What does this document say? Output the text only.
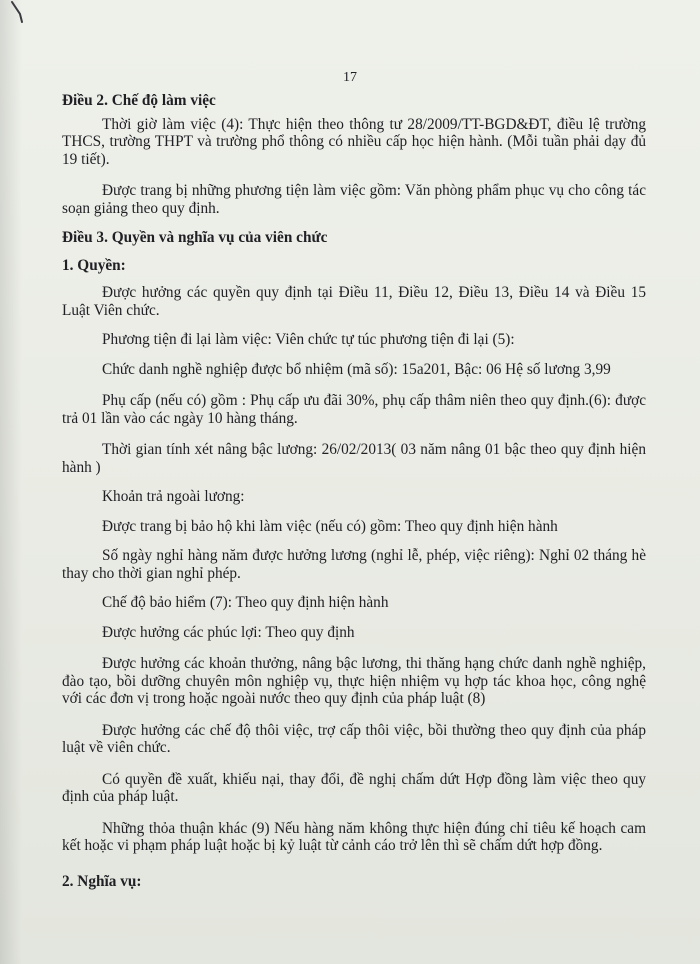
17

Điều 2. Chế độ làm việc

Thời giờ làm việc (4): Thực hiện theo thông tư 28/2009/TT-BGD&ĐT, điều lệ trường THCS, trường THPT và trường phổ thông có nhiều cấp học hiện hành. (Mỗi tuần phải dạy đủ 19 tiết).

Được trang bị những phương tiện làm việc gồm: Văn phòng phẩm phục vụ cho công tác soạn giảng theo quy định.

Điều 3. Quyền và nghĩa vụ của viên chức

1. Quyền:

Được hưởng các quyền quy định tại Điều 11, Điều 12, Điều 13, Điều 14 và Điều 15 Luật Viên chức.

Phương tiện đi lại làm việc: Viên chức tự túc phương tiện đi lại (5):

Chức danh nghề nghiệp được bổ nhiệm (mã số): 15a201, Bậc: 06 Hệ số lương 3,99

Phụ cấp (nếu có) gồm : Phụ cấp ưu đãi 30%, phụ cấp thâm niên theo quy định.(6): được trả 01 lần vào các ngày 10 hàng tháng.

Thời gian tính xét nâng bậc lương: 26/02/2013( 03 năm nâng 01 bậc theo quy định hiện hành )

Khoản trả ngoài lương:

Được trang bị bảo hộ khi làm việc (nếu có) gồm: Theo quy định hiện hành

Số ngày nghỉ hàng năm được hưởng lương (nghỉ lễ, phép, việc riêng): Nghỉ 02 tháng hè thay cho thời gian nghỉ phép.

Chế độ bảo hiểm (7): Theo quy định hiện hành

Được hưởng các phúc lợi: Theo quy định

Được hưởng các khoản thưởng, nâng bậc lương, thi thăng hạng chức danh nghề nghiệp, đào tạo, bồi dưỡng chuyên môn nghiệp vụ, thực hiện nhiệm vụ hợp tác khoa học, công nghệ với các đơn vị trong hoặc ngoài nước theo quy định của pháp luật (8)

Được hưởng các chế độ thôi việc, trợ cấp thôi việc, bồi thường theo quy định của pháp luật về viên chức.

Có quyền đề xuất, khiếu nại, thay đổi, đề nghị chấm dứt Hợp đồng làm việc theo quy định của pháp luật.

Những thỏa thuận khác (9) Nếu hàng năm không thực hiện đúng chỉ tiêu kế hoạch cam kết hoặc vi phạm pháp luật hoặc bị kỷ luật từ cảnh cáo trở lên thì sẽ chấm dứt hợp đồng.

2. Nghĩa vụ:
